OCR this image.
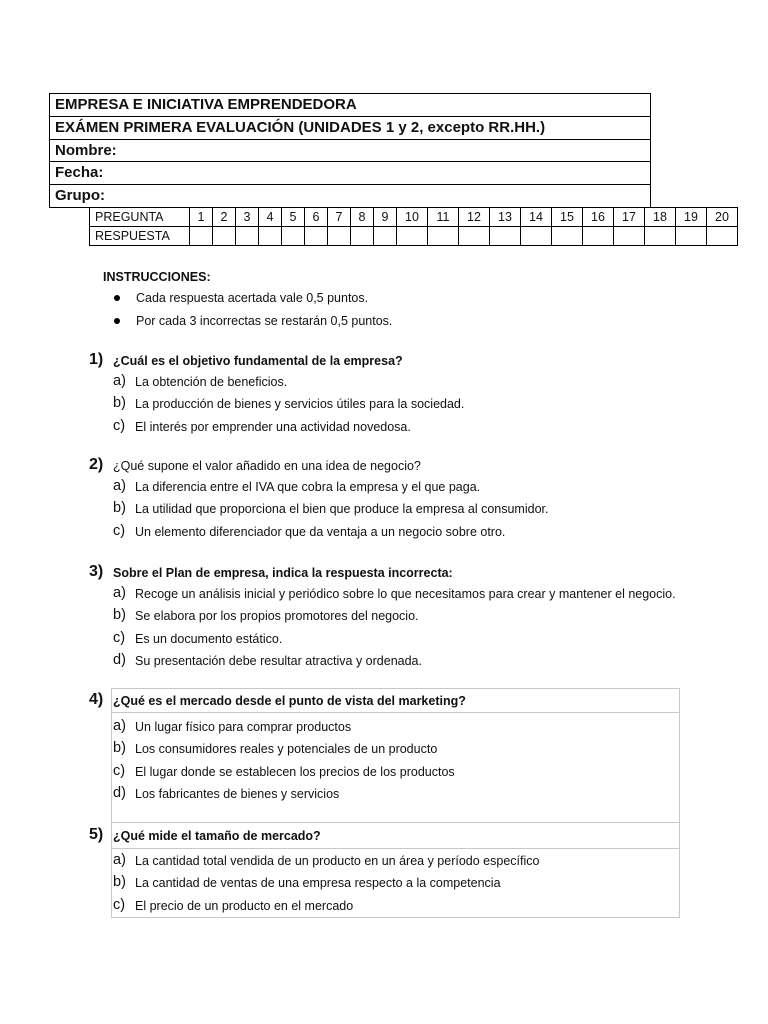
EMPRESA E INICIATIVA EMPRENDEDORA
EXÁMEN PRIMERA EVALUACIÓN (UNIDADES 1 y 2, excepto RR.HH.)
Nombre:
Fecha:
Grupo:
PREGUNTA	1	2	3	4	5	6	7	8	9	10	11	12	13	14	15	16	17	18	19	20
RESPUESTA																				
INSTRUCCIONES:
Cada respuesta acertada vale 0,5 puntos.
Por cada 3 incorrectas se restarán 0,5 puntos.
1) ¿Cuál es el objetivo fundamental de la empresa?
a) La obtención de beneficios.
b) La producción de bienes y servicios útiles para la sociedad.
c) El interés por emprender una actividad novedosa.
2) ¿Qué supone el valor añadido en una idea de negocio?
a) La diferencia entre el IVA que cobra la empresa y el que paga.
b) La utilidad que proporciona el bien que produce la empresa al consumidor.
c) Un elemento diferenciador que da ventaja a un negocio sobre otro.
3) Sobre el Plan de empresa, indica la respuesta incorrecta:
a) Recoge un análisis inicial y periódico sobre lo que necesitamos para crear y mantener el negocio.
b) Se elabora por los propios promotores del negocio.
c) Es un documento estático.
d) Su presentación debe resultar atractiva y ordenada.
4) ¿Qué es el mercado desde el punto de vista del marketing?
a) Un lugar físico para comprar productos
b) Los consumidores reales y potenciales de un producto
c) El lugar donde se establecen los precios de los productos
d) Los fabricantes de bienes y servicios
5) ¿Qué mide el tamaño de mercado?
a) La cantidad total vendida de un producto en un área y período específico
b) La cantidad de ventas de una empresa respecto a la competencia
c) El precio de un producto en el mercado
